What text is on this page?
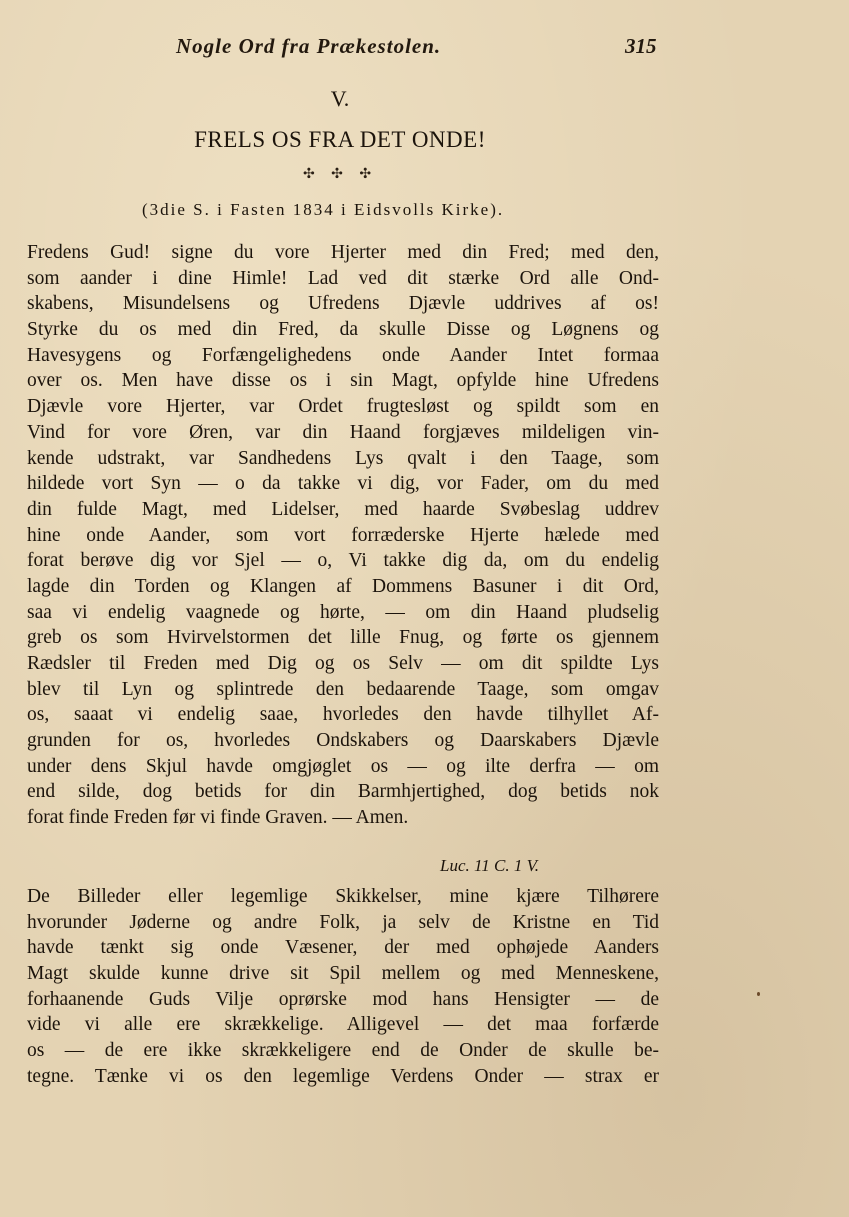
Nogle Ord fra Prækestolen.	315
V.
FRELS OS FRA DET ONDE!
✣ ✣ ✣
(3die S. i Fasten 1834 i Eidsvolls Kirke).
Fredens Gud! signe du vore Hjerter med din Fred; med den,
som aander i dine Himle! Lad ved dit stærke Ord alle Ond-
skabens, Misundelsens og Ufredens Djævle uddrives af os!
Styrke du os med din Fred, da skulle Disse og Løgnens og
Havesygens og Forfængelighedens onde Aander Intet formaa
over os. Men have disse os i sin Magt, opfylde hine Ufredens
Djævle vore Hjerter, var Ordet frugtesløst og spildt som en
Vind for vore Øren, var din Haand forgjæves mildeligen vin-
kende udstrakt, var Sandhedens Lys qvalt i den Taage, som
hildede vort Syn — o da takke vi dig, vor Fader, om du med
din fulde Magt, med Lidelser, med haarde Svøbeslag uddrev
hine onde Aander, som vort forræderske Hjerte hælede med
forat berøve dig vor Sjel — o, Vi takke dig da, om du endelig
lagde din Torden og Klangen af Dommens Basuner i dit Ord,
saa vi endelig vaagnede og hørte, — om din Haand pludselig
greb os som Hvirvelstormen det lille Fnug, og førte os gjennem
Rædsler til Freden med Dig og os Selv — om dit spildte Lys
blev til Lyn og splintrede den bedaarende Taage, som omgav
os, saaat vi endelig saae, hvorledes den havde tilhyllet Af-
grunden for os, hvorledes Ondskabers og Daarskabers Djævle
under dens Skjul havde omgjøglet os — og ilte derfra — om
end silde, dog betids for din Barmhjertighed, dog betids nok
forat finde Freden før vi finde Graven. — Amen.
Luc. 11 C. 1 V.
De Billeder eller legemlige Skikkelser, mine kjære Tilhørere
hvorunder Jøderne og andre Folk, ja selv de Kristne en Tid
havde tænkt sig onde Væsener, der med ophøjede Aanders
Magt skulde kunne drive sit Spil mellem og med Menneskene,
forhaanende Guds Vilje oprørske mod hans Hensigter — de
vide vi alle ere skrækkelige. Alligevel — det maa forfærde
os — de ere ikke skrækkeligere end de Onder de skulle be-
tegne. Tænke vi os den legemlige Verdens Onder — strax er
